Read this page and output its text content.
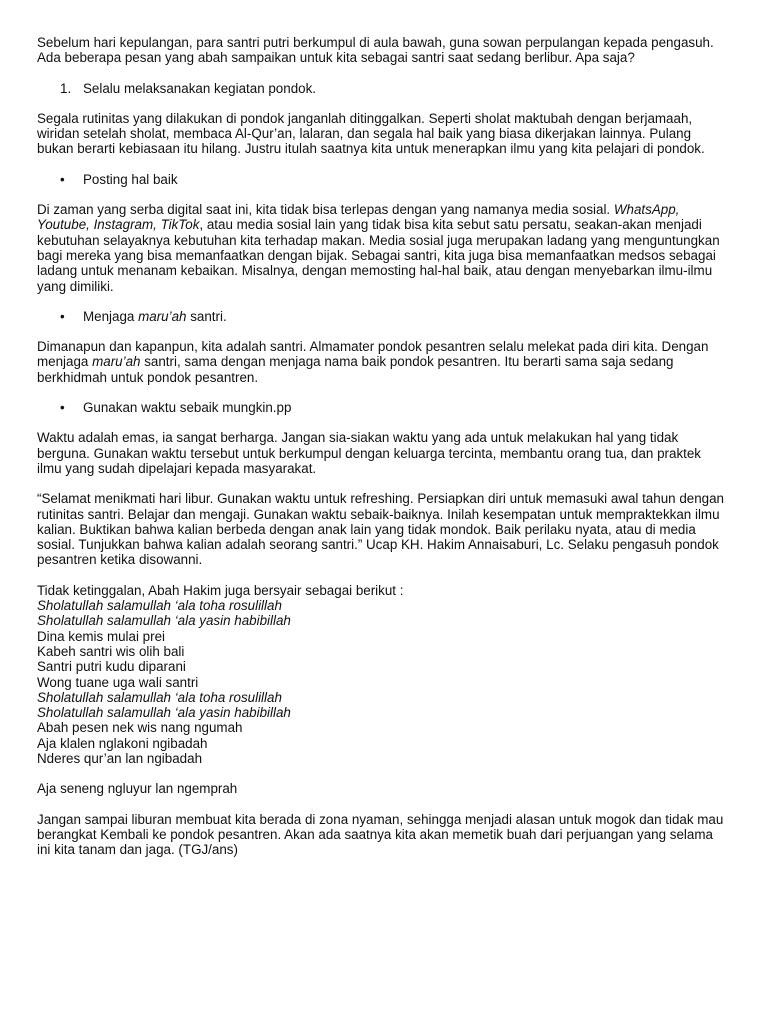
Sebelum hari kepulangan, para santri putri berkumpul di aula bawah, guna sowan perpulangan kepada pengasuh. Ada beberapa pesan yang abah sampaikan untuk kita sebagai santri saat sedang berlibur. Apa saja?

1. Selalu melaksanakan kegiatan pondok.

Segala rutinitas yang dilakukan di pondok janganlah ditinggalkan. Seperti sholat maktubah dengan berjamaah, wiridan setelah sholat, membaca Al-Qur’an, lalaran, dan segala hal baik yang biasa dikerjakan lainnya. Pulang bukan berarti kebiasaan itu hilang. Justru itulah saatnya kita untuk menerapkan ilmu yang kita pelajari di pondok.

•	Posting hal baik

Di zaman yang serba digital saat ini, kita tidak bisa terlepas dengan yang namanya media sosial. WhatsApp, Youtube, Instagram, TikTok, atau media sosial lain yang tidak bisa kita sebut satu persatu, seakan-akan menjadi kebutuhan selayaknya kebutuhan kita terhadap makan. Media sosial juga merupakan ladang yang menguntungkan bagi mereka yang bisa memanfaatkan dengan bijak. Sebagai santri, kita juga bisa memanfaatkan medsos sebagai ladang untuk menanam kebaikan. Misalnya, dengan memosting hal-hal baik, atau dengan menyebarkan ilmu-ilmu yang dimiliki.

•	Menjaga maru’ah santri.

Dimanapun dan kapanpun, kita adalah santri. Almamater pondok pesantren selalu melekat pada diri kita. Dengan menjaga maru’ah santri, sama dengan menjaga nama baik pondok pesantren. Itu berarti sama saja sedang berkhidmah untuk pondok pesantren.

•	Gunakan waktu sebaik mungkin.pp

Waktu adalah emas, ia sangat berharga. Jangan sia-siakan waktu yang ada untuk melakukan hal yang tidak berguna. Gunakan waktu tersebut untuk berkumpul dengan keluarga tercinta, membantu orang tua, dan praktek ilmu yang sudah dipelajari kepada masyarakat.

“Selamat menikmati hari libur. Gunakan waktu untuk refreshing. Persiapkan diri untuk memasuki awal tahun dengan rutinitas santri. Belajar dan mengaji. Gunakan waktu sebaik-baiknya. Inilah kesempatan untuk mempraktekkan ilmu kalian. Buktikan bahwa kalian berbeda dengan anak lain yang tidak mondok. Baik perilaku nyata, atau di media sosial. Tunjukkan bahwa kalian adalah seorang santri.” Ucap KH. Hakim Annaisaburi, Lc. Selaku pengasuh pondok pesantren ketika disowanni.

Tidak ketinggalan, Abah Hakim juga bersyair sebagai berikut :
Sholatullah salamullah ‘ala toha rosulillah
Sholatullah salamullah ‘ala yasin habibillah
Dina kemis mulai prei
Kabeh santri wis olih bali
Santri putri kudu diparani
Wong tuane uga wali santri
Sholatullah salamullah ‘ala toha rosulillah
Sholatullah salamullah ‘ala yasin habibillah
Abah pesen nek wis nang ngumah
Aja klalen nglakoni ngibadah
Nderes qur’an lan ngibadah

Aja seneng ngluyur lan ngemprah

Jangan sampai liburan membuat kita berada di zona nyaman, sehingga menjadi alasan untuk mogok dan tidak mau berangkat Kembali ke pondok pesantren. Akan ada saatnya kita akan memetik buah dari perjuangan yang selama ini kita tanam dan jaga. (TGJ/ans)
